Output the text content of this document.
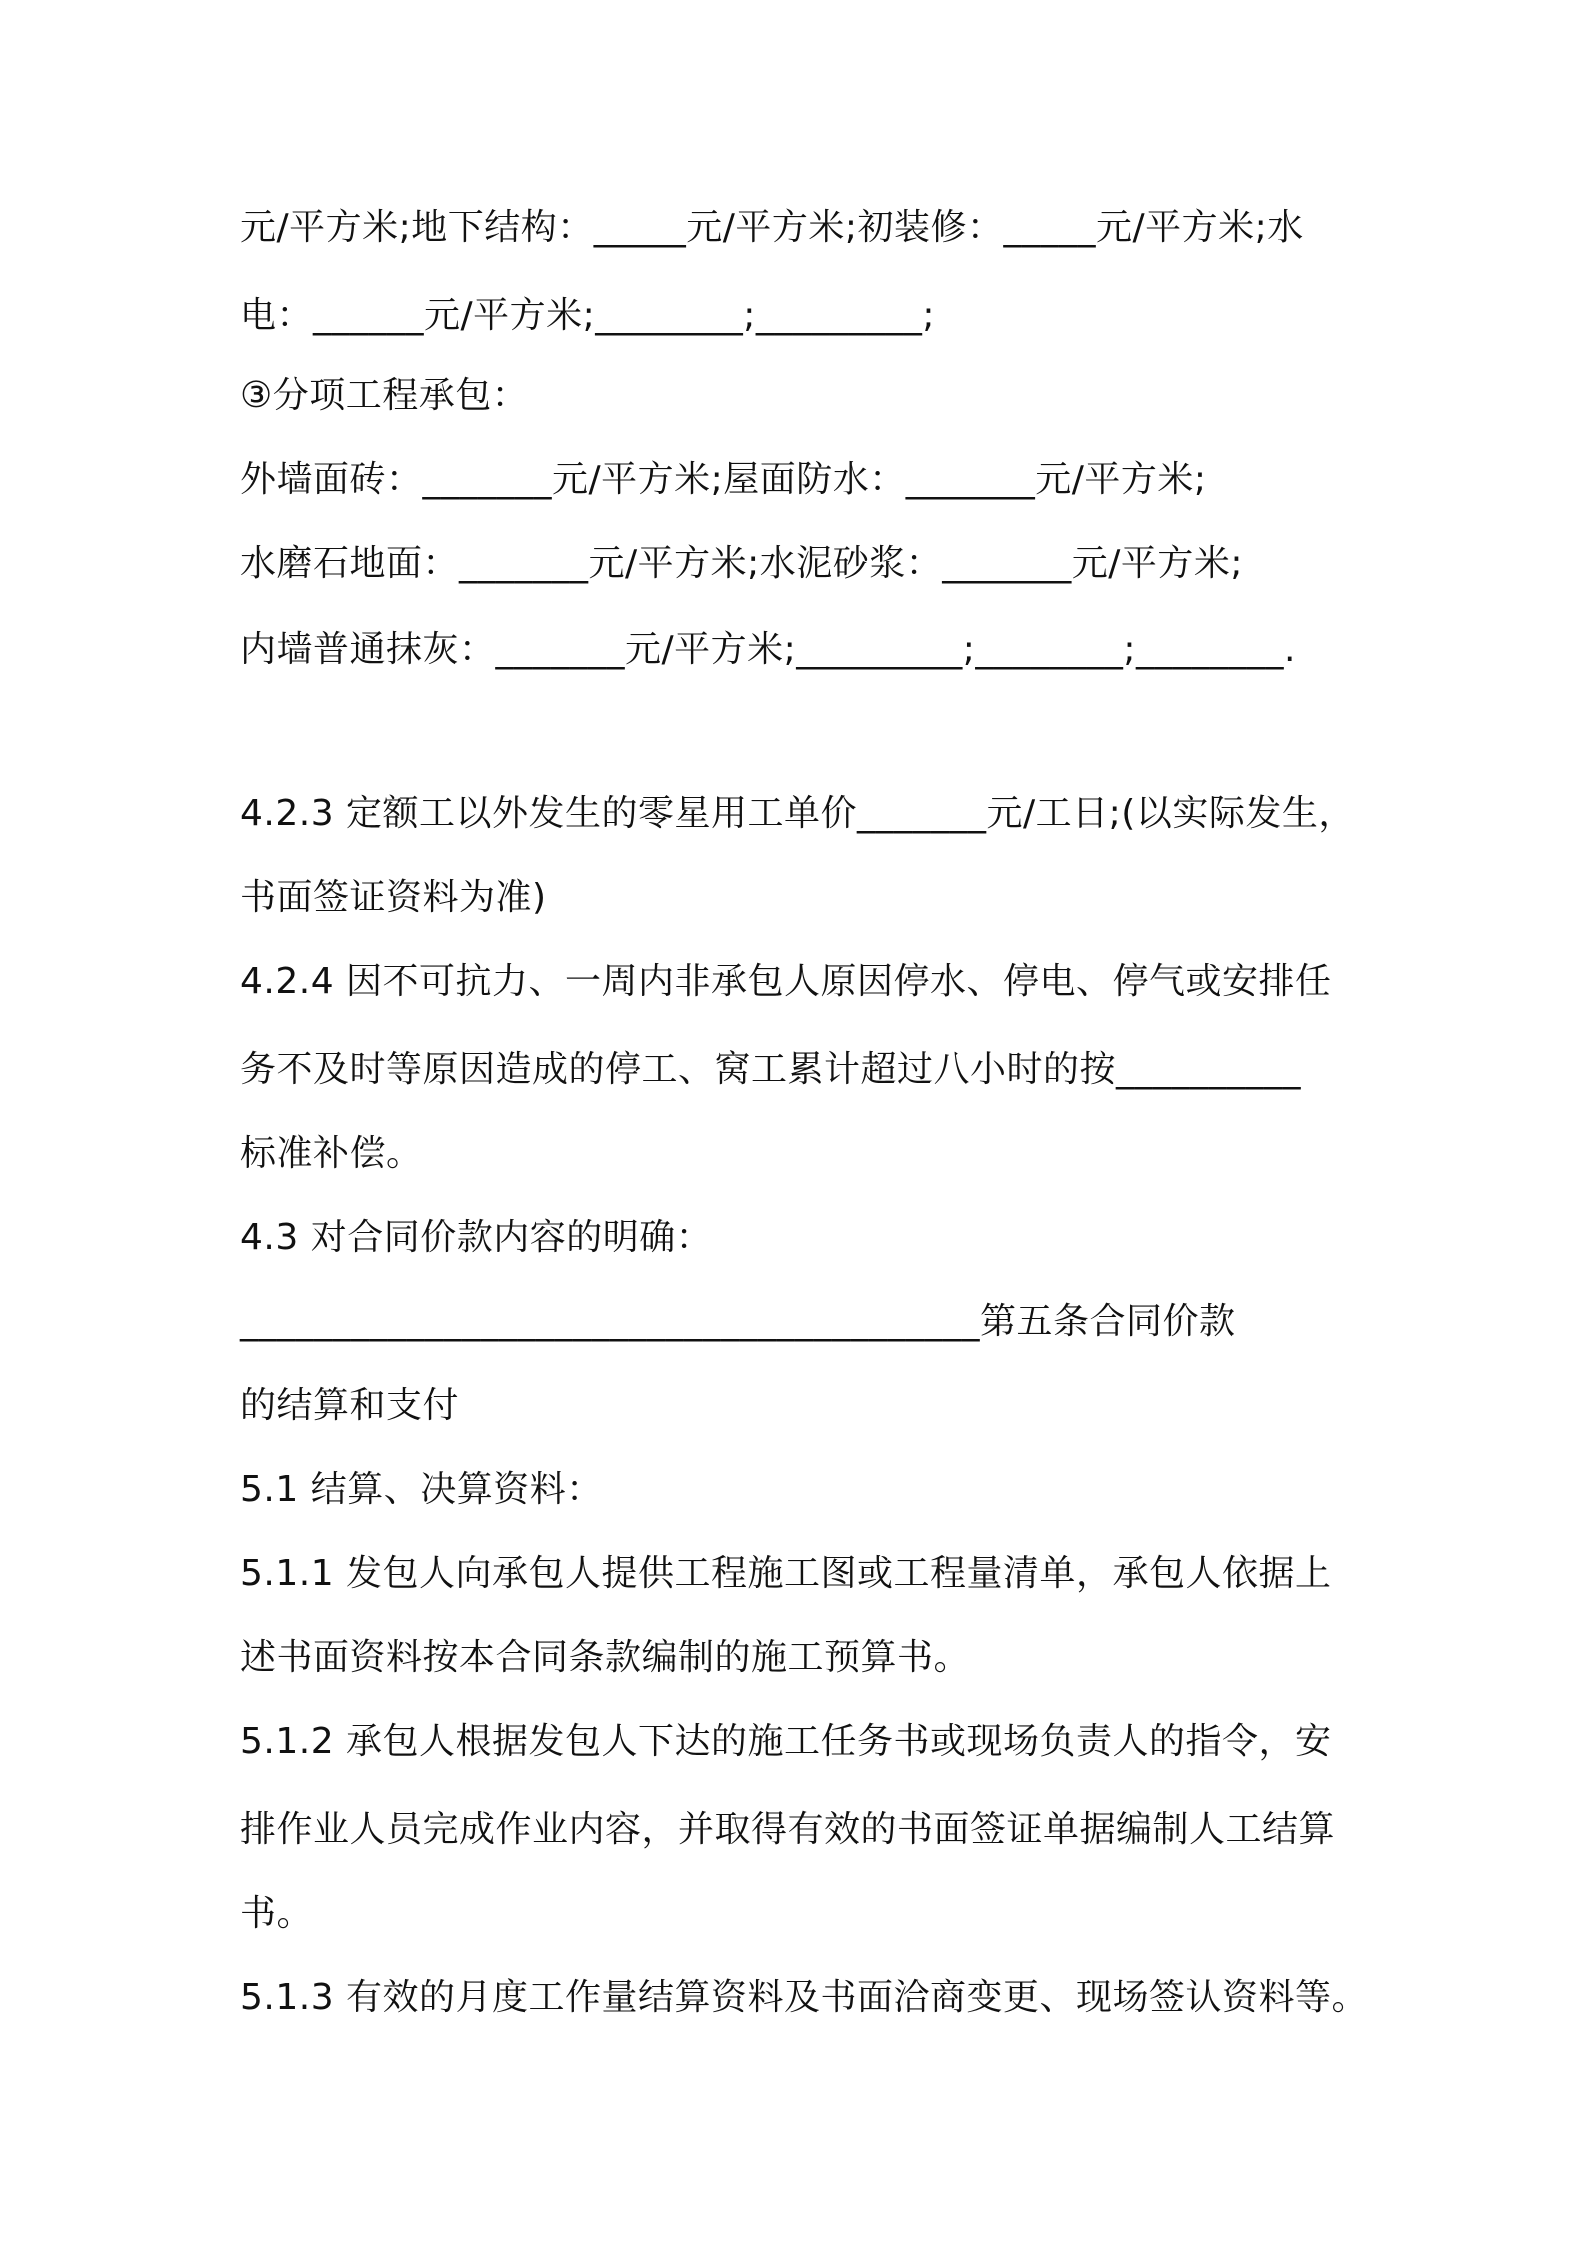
元/平方米;地下结构：_____元/平方米;初装修：_____元/平方米;水
电：______元/平方米;________;_________;
③分项工程承包：
外墙面砖：_______元/平方米;屋面防水：_______元/平方米;
水磨石地面：_______元/平方米;水泥砂浆：_______元/平方米;
内墙普通抹灰：_______元/平方米;_________;________;________.
4.2.3 定额工以外发生的零星用工单价_______元/工日;(以实际发生，
书面签证资料为准)
4.2.4 因不可抗力、一周内非承包人原因停水、停电、停气或安排任
务不及时等原因造成的停工、窝工累计超过八小时的按__________
标准补偿。
4.3 对合同价款内容的明确：
________________________________________第五条合同价款
的结算和支付
5.1 结算、决算资料：
5.1.1 发包人向承包人提供工程施工图或工程量清单，承包人依据上
述书面资料按本合同条款编制的施工预算书。
5.1.2 承包人根据发包人下达的施工任务书或现场负责人的指令，安
排作业人员完成作业内容，并取得有效的书面签证单据编制人工结算
书。
5.1.3 有效的月度工作量结算资料及书面洽商变更、现场签认资料等。
